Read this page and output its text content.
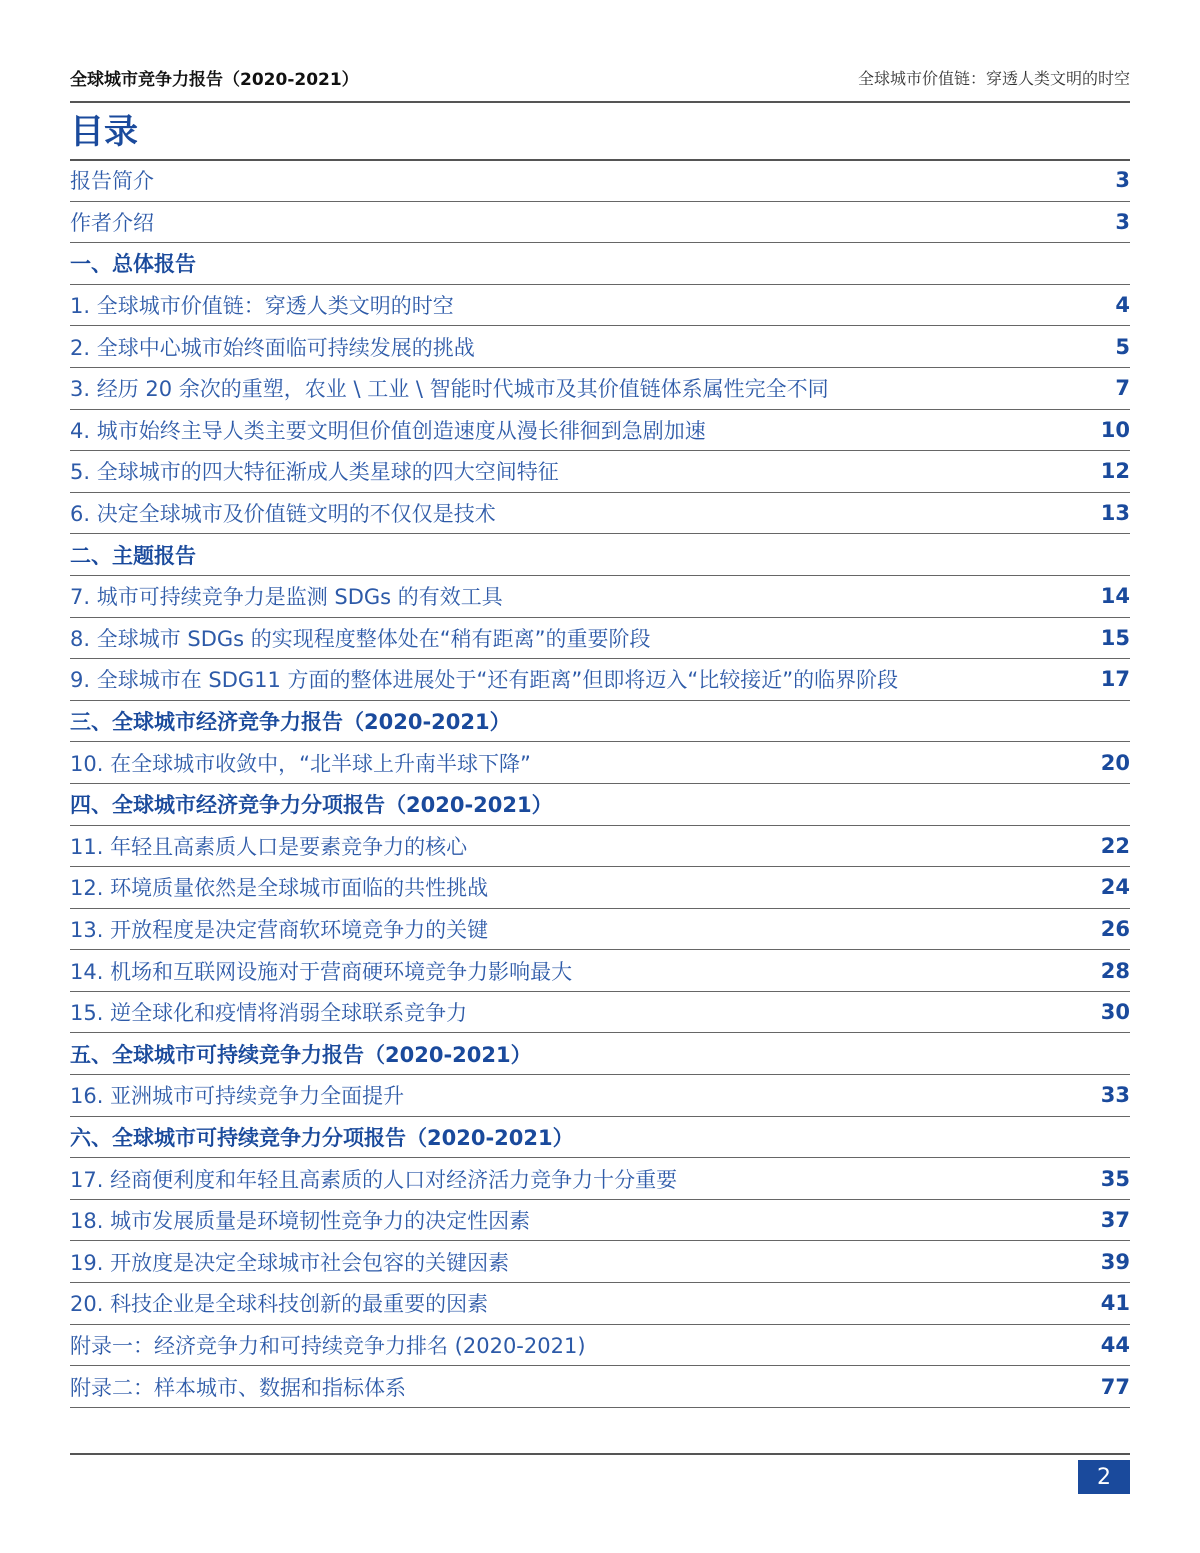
全球城市竞争力报告（2020-2021）	全球城市价值链：穿透人类文明的时空
目录
报告简介	3
作者介绍	3
一、总体报告
1. 全球城市价值链：穿透人类文明的时空	4
2. 全球中心城市始终面临可持续发展的挑战	5
3. 经历 20 余次的重塑，农业 \ 工业 \ 智能时代城市及其价值链体系属性完全不同	7
4. 城市始终主导人类主要文明但价值创造速度从漫长徘徊到急剧加速	10
5. 全球城市的四大特征渐成人类星球的四大空间特征	12
6. 决定全球城市及价值链文明的不仅仅是技术	13
二、主题报告
7. 城市可持续竞争力是监测 SDGs 的有效工具	14
8. 全球城市 SDGs 的实现程度整体处在“稍有距离”的重要阶段	15
9. 全球城市在 SDG11 方面的整体进展处于“还有距离”但即将迈入“比较接近”的临界阶段	17
三、全球城市经济竞争力报告（2020-2021）
10. 在全球城市收敛中，“北半球上升南半球下降”	20
四、全球城市经济竞争力分项报告（2020-2021）
11. 年轻且高素质人口是要素竞争力的核心	22
12. 环境质量依然是全球城市面临的共性挑战	24
13. 开放程度是决定营商软环境竞争力的关键	26
14. 机场和互联网设施对于营商硬环境竞争力影响最大	28
15. 逆全球化和疫情将消弱全球联系竞争力	30
五、全球城市可持续竞争力报告（2020-2021）
16. 亚洲城市可持续竞争力全面提升	33
六、全球城市可持续竞争力分项报告（2020-2021）
17. 经商便利度和年轻且高素质的人口对经济活力竞争力十分重要	35
18. 城市发展质量是环境韧性竞争力的决定性因素	37
19. 开放度是决定全球城市社会包容的关键因素	39
20. 科技企业是全球科技创新的最重要的因素	41
附录一：经济竞争力和可持续竞争力排名 (2020-2021)	44
附录二：样本城市、数据和指标体系	77
2
